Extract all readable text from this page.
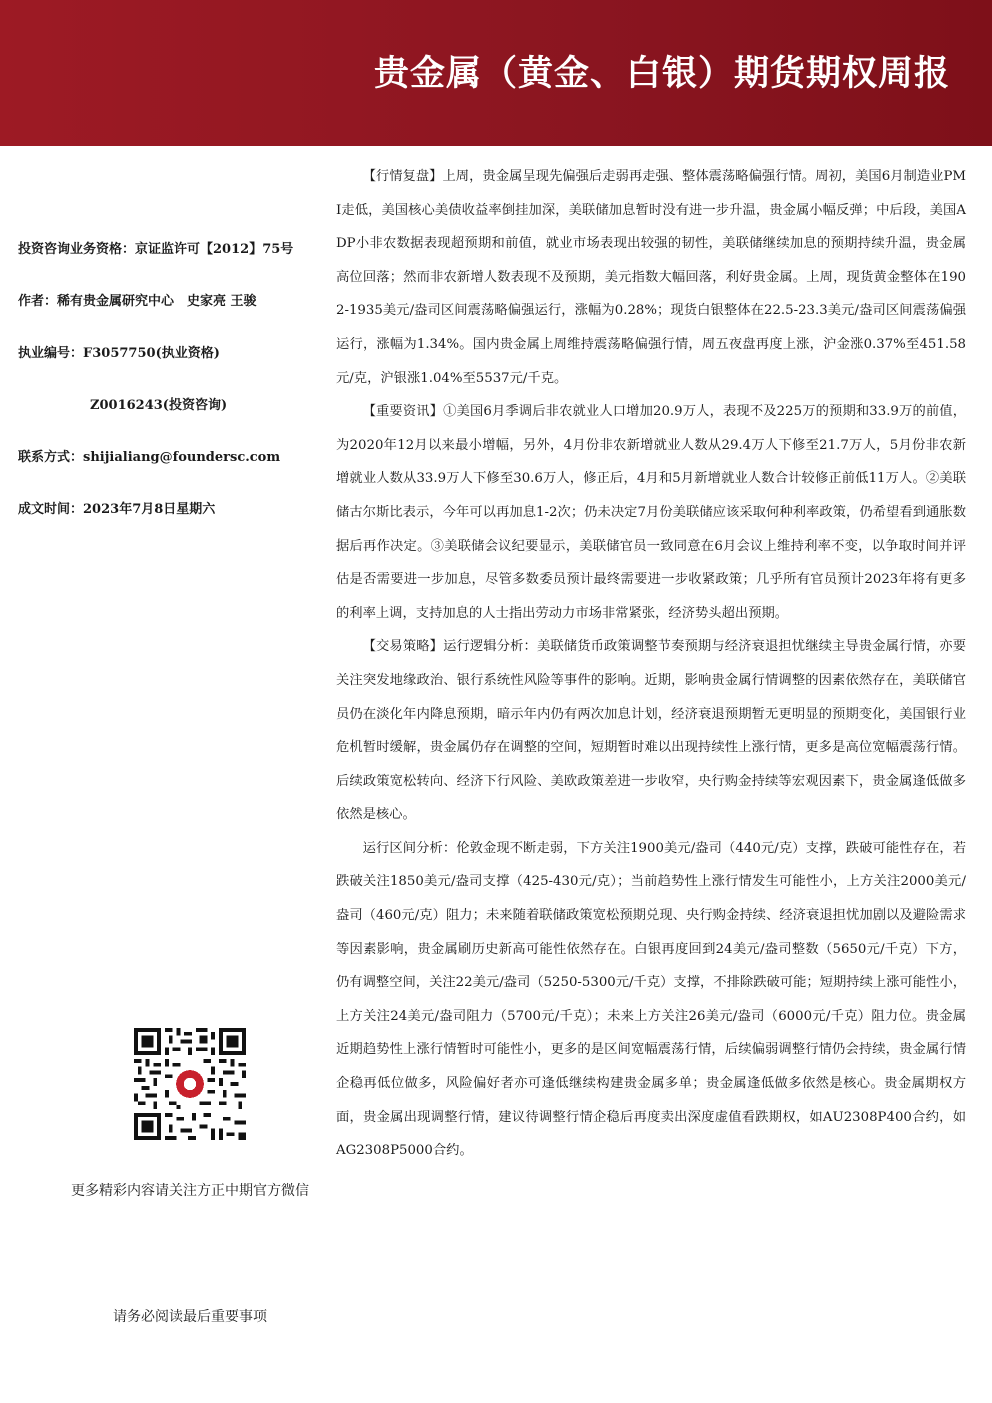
贵金属（黄金、白银）期货期权周报
投资咨询业务资格：京证监许可【2012】75号
作者：稀有贵金属研究中心　史家亮 王骏
执业编号：F3057750(执业资格)
Z0016243(投资咨询)
联系方式：shijialiang@foundersc.com
成文时间：2023年7月8日星期六
更多精彩内容请关注方正中期官方微信
请务必阅读最后重要事项

【行情复盘】上周，贵金属呈现先偏强后走弱再走强、整体震荡略偏强行情。周初，美国6月制造业PMI走低，美国核心美债收益率倒挂加深，美联储加息暂时没有进一步升温，贵金属小幅反弹；中后段，美国ADP小非农数据表现超预期和前值，就业市场表现出较强的韧性，美联储继续加息的预期持续升温，贵金属高位回落；然而非农新增人数表现不及预期，美元指数大幅回落，利好贵金属。上周，现货黄金整体在1902-1935美元/盎司区间震荡略偏强运行，涨幅为0.28%；现货白银整体在22.5-23.3美元/盎司区间震荡偏强运行，涨幅为1.34%。国内贵金属上周维持震荡略偏强行情，周五夜盘再度上涨，沪金涨0.37%至451.58元/克，沪银涨1.04%至5537元/千克。

【重要资讯】①美国6月季调后非农就业人口增加20.9万人，表现不及225万的预期和33.9万的前值，为2020年12月以来最小增幅，另外，4月份非农新增就业人数从29.4万人下修至21.7万人，5月份非农新增就业人数从33.9万人下修至30.6万人，修正后，4月和5月新增就业人数合计较修正前低11万人。②美联储古尔斯比表示，今年可以再加息1-2次；仍未决定7月份美联储应该采取何种利率政策，仍希望看到通胀数据后再作决定。③美联储会议纪要显示，美联储官员一致同意在6月会议上维持利率不变，以争取时间并评估是否需要进一步加息，尽管多数委员预计最终需要进一步收紧政策；几乎所有官员预计2023年将有更多的利率上调，支持加息的人士指出劳动力市场非常紧张，经济势头超出预期。

【交易策略】运行逻辑分析：美联储货币政策调整节奏预期与经济衰退担忧继续主导贵金属行情，亦要关注突发地缘政治、银行系统性风险等事件的影响。近期，影响贵金属行情调整的因素依然存在，美联储官员仍在淡化年内降息预期，暗示年内仍有两次加息计划，经济衰退预期暂无更明显的预期变化，美国银行业危机暂时缓解，贵金属仍存在调整的空间，短期暂时难以出现持续性上涨行情，更多是高位宽幅震荡行情。后续政策宽松转向、经济下行风险、美欧政策差进一步收窄，央行购金持续等宏观因素下，贵金属逢低做多依然是核心。

运行区间分析：伦敦金现不断走弱，下方关注1900美元/盎司（440元/克）支撑，跌破可能性存在，若跌破关注1850美元/盎司支撑（425-430元/克）；当前趋势性上涨行情发生可能性小，上方关注2000美元/盎司（460元/克）阻力；未来随着联储政策宽松预期兑现、央行购金持续、经济衰退担忧加剧以及避险需求等因素影响，贵金属刷历史新高可能性依然存在。白银再度回到24美元/盎司整数（5650元/千克）下方，仍有调整空间，关注22美元/盎司（5250-5300元/千克）支撑，不排除跌破可能；短期持续上涨可能性小，上方关注24美元/盎司阻力（5700元/千克）；未来上方关注26美元/盎司（6000元/千克）阻力位。贵金属近期趋势性上涨行情暂时可能性小，更多的是区间宽幅震荡行情，后续偏弱调整行情仍会持续，贵金属行情企稳再低位做多，风险偏好者亦可逢低继续构建贵金属多单；贵金属逢低做多依然是核心。贵金属期权方面，贵金属出现调整行情，建议待调整行情企稳后再度卖出深度虚值看跌期权，如AU2308P400合约，如AG2308P5000合约。
